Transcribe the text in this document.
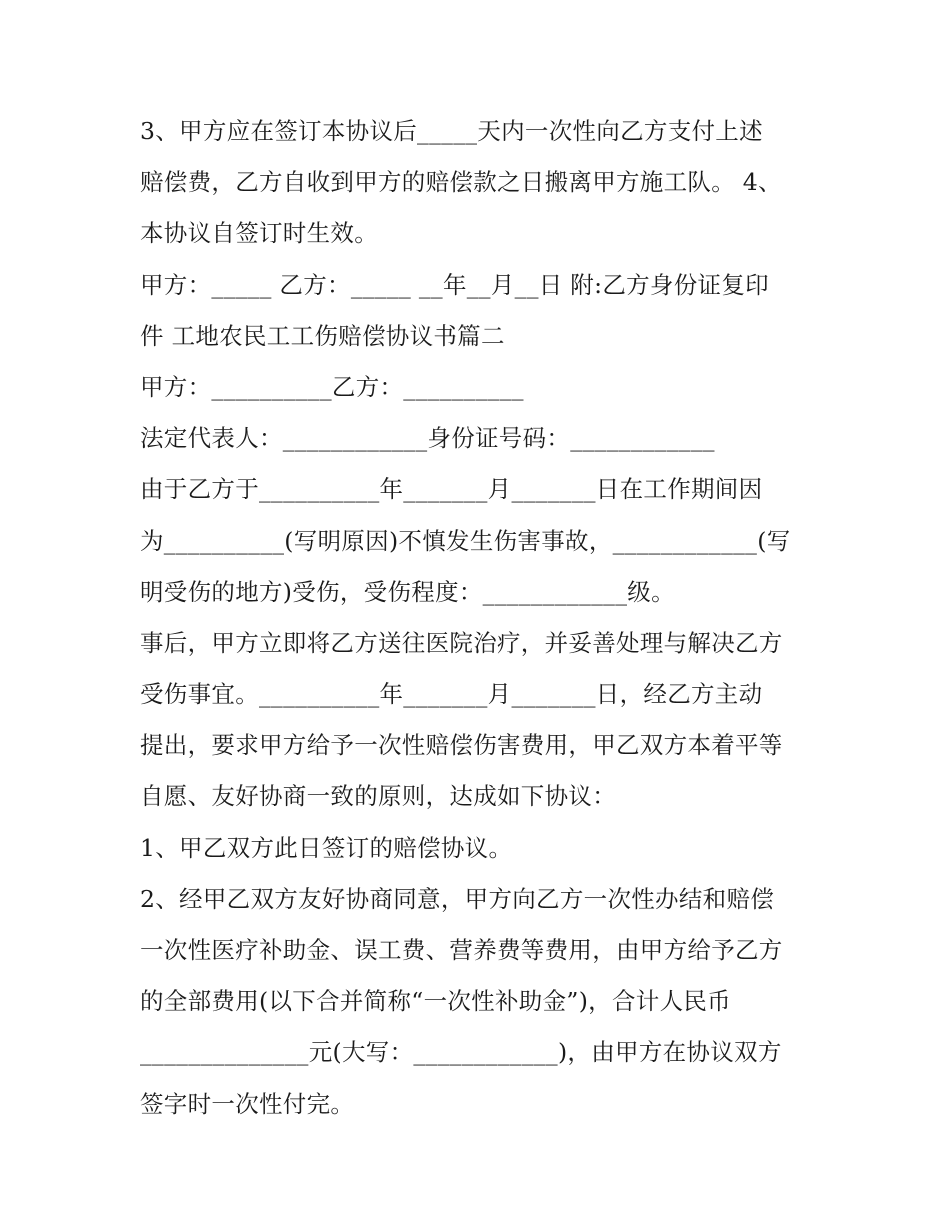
3、甲方应在签订本协议后_____天内一次性向乙方支付上述
赔偿费，乙方自收到甲方的赔偿款之日搬离甲方施工队。 4、
本协议自签订时生效。
甲方：_____ 乙方：_____ __年__月__日 附:乙方身份证复印
件 工地农民工工伤赔偿协议书篇二
甲方：__________乙方：__________
法定代表人：____________身份证号码：____________
由于乙方于__________年_______月_______日在工作期间因
为__________(写明原因)不慎发生伤害事故，____________(写
明受伤的地方)受伤，受伤程度：____________级。
事后，甲方立即将乙方送往医院治疗，并妥善处理与解决乙方
受伤事宜。__________年_______月_______日，经乙方主动
提出，要求甲方给予一次性赔偿伤害费用，甲乙双方本着平等
自愿、友好协商一致的原则，达成如下协议：
1、甲乙双方此日签订的赔偿协议。
2、经甲乙双方友好协商同意，甲方向乙方一次性办结和赔偿
一次性医疗补助金、误工费、营养费等费用，由甲方给予乙方
的全部费用(以下合并简称“一次性补助金”)，合计人民币
______________元(大写：____________)，由甲方在协议双方
签字时一次性付完。
